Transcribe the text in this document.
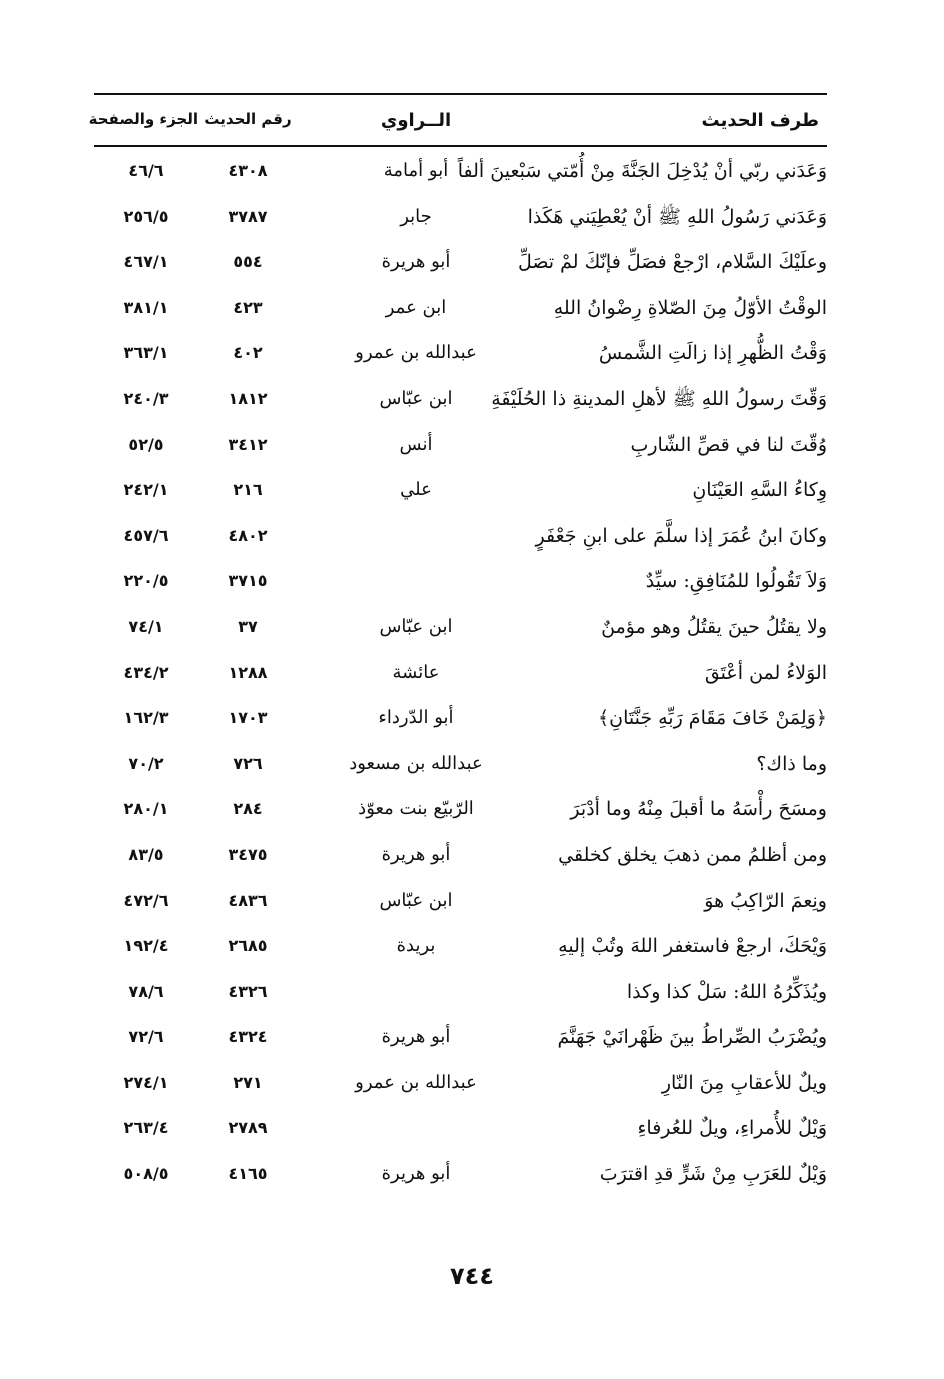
طرف الحديث
الــراوي
رقم الحديث
الجزء والصفحة
وَعَدَني ربّي أنْ يُدْخِلَ الجَنَّةَ مِنْ أُمّتي سَبْعينَ ألفاً
أبو أمامة
٤٣٠٨
٤٦/٦
وَعَدَني رَسُولُ اللهِ ﷺ أنْ يُعْطِيَني هَكَذا
جابر
٣٧٨٧
٢٥٦/٥
وعلَيْكَ السَّلام، ارْجعْ فصَلِّ فإنّكَ لمْ تصَلِّ
أبو هريرة
٥٥٤
٤٦٧/١
الوقْتُ الأوّلُ مِنَ الصّلاةِ رِضْوانُ اللهِ
ابن عمر
٤٢٣
٣٨١/١
وَقْتُ الظُّهرِ إذا زالَتِ الشَّمسُ
عبدالله بن عمرو
٤٠٢
٣٦٣/١
وَقّتَ رسولُ اللهِ ﷺ لأهلِ المدينةِ ذا الحُلَيْفَةِ
ابن عبّاس
١٨١٢
٢٤٠/٣
وُقّتَ لنا في قصِّ الشّاربِ
أنس
٣٤١٢
٥٢/٥
وِكاءُ السَّهِ العَيْنَانِ
علي
٢١٦
٢٤٢/١
وكانَ ابنُ عُمَرَ إذا سلَّمَ على ابنِ جَعْفَرٍ
٤٨٠٢
٤٥٧/٦
وَلاَ تَقُولُوا للمُنَافِقِ: سيِّدٌ
٣٧١٥
٢٢٠/٥
ولا يقتُلُ حينَ يقتُلُ وهو مؤمنٌ
ابن عبّاس
٣٧
٧٤/١
الوَلاءُ لمن أعْتَقَ
عائشة
١٢٨٨
٤٣٤/٢
﴿وَلِمَنْ خَافَ مَقَامَ رَبِّهِ جَنَّتَانِ﴾
أبو الدّرداء
١٧٠٣
١٦٢/٣
وما ذاك؟
عبدالله بن مسعود
٧٢٦
٧٠/٢
ومسَحَ رأْسَهُ ما أقبلَ مِنْهُ وما أدْبَرَ
الرّبيّع بنت معوّذ
٢٨٤
٢٨٠/١
ومن أظلمُ ممن ذهبَ يخلق كخلقي
أبو هريرة
٣٤٧٥
٨٣/٥
ونِعمَ الرّاكِبُ هوَ
ابن عبّاس
٤٨٣٦
٤٧٢/٦
وَيْحَكَ، ارجعْ فاستغفر اللهَ وتُبْ إليهِ
بريدة
٢٦٨٥
١٩٢/٤
ويُذَكِّرُهُ اللهُ: سَلْ كذا وكذا
٤٣٢٦
٧٨/٦
ويُضْرَبُ الصِّراطُ بينَ ظَهْرانَيْ جَهَنَّمَ
أبو هريرة
٤٣٢٤
٧٢/٦
ويلٌ للأعقابِ مِنَ النّارِ
عبدالله بن عمرو
٢٧١
٢٧٤/١
وَيْلٌ للأُمراءِ، ويلٌ للعُرفاءِ
٢٧٨٩
٢٦٣/٤
وَيْلٌ للعَرَبِ مِنْ شَرٍّ قدِ اقترَبَ
أبو هريرة
٤١٦٥
٥٠٨/٥
٧٤٤
